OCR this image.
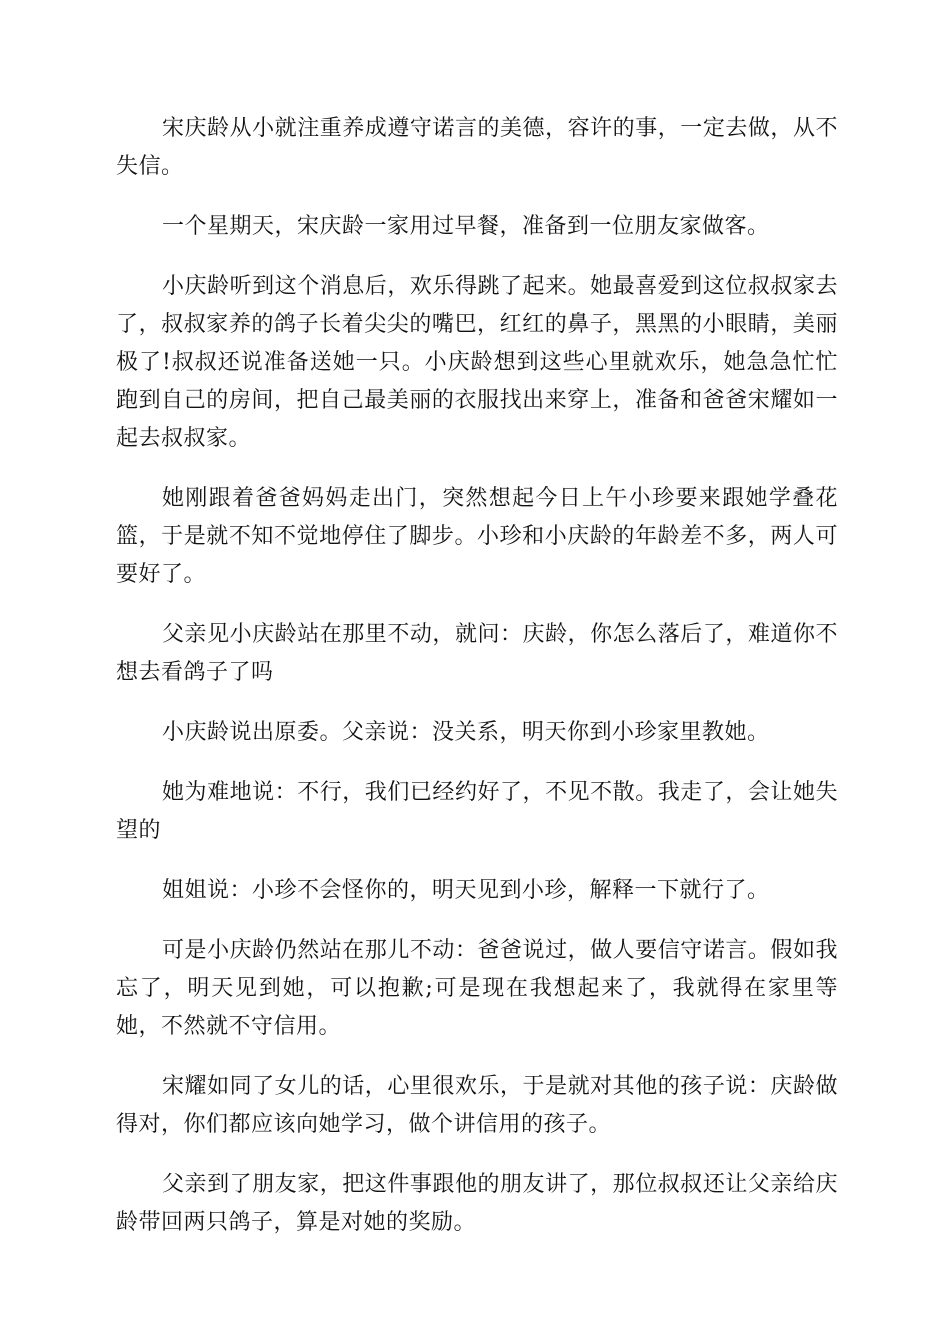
宋庆龄从小就注重养成遵守诺言的美德，容许的事，一定去做，从不失信。

一个星期天，宋庆龄一家用过早餐，准备到一位朋友家做客。

小庆龄听到这个消息后，欢乐得跳了起来。她最喜爱到这位叔叔家去了，叔叔家养的鸽子长着尖尖的嘴巴，红红的鼻子，黑黑的小眼睛，美丽极了!叔叔还说准备送她一只。小庆龄想到这些心里就欢乐，她急急忙忙跑到自己的房间，把自己最美丽的衣服找出来穿上，准备和爸爸宋耀如一起去叔叔家。

她刚跟着爸爸妈妈走出门，突然想起今日上午小珍要来跟她学叠花篮，于是就不知不觉地停住了脚步。小珍和小庆龄的年龄差不多，两人可要好了。

父亲见小庆龄站在那里不动，就问：庆龄，你怎么落后了，难道你不想去看鸽子了吗

小庆龄说出原委。父亲说：没关系，明天你到小珍家里教她。

她为难地说：不行，我们已经约好了，不见不散。我走了，会让她失望的

姐姐说：小珍不会怪你的，明天见到小珍，解释一下就行了。

可是小庆龄仍然站在那儿不动：爸爸说过，做人要信守诺言。假如我忘了，明天见到她，可以抱歉;可是现在我想起来了，我就得在家里等她，不然就不守信用。

宋耀如同了女儿的话，心里很欢乐，于是就对其他的孩子说：庆龄做得对，你们都应该向她学习，做个讲信用的孩子。

父亲到了朋友家，把这件事跟他的朋友讲了，那位叔叔还让父亲给庆龄带回两只鸽子，算是对她的奖励。
